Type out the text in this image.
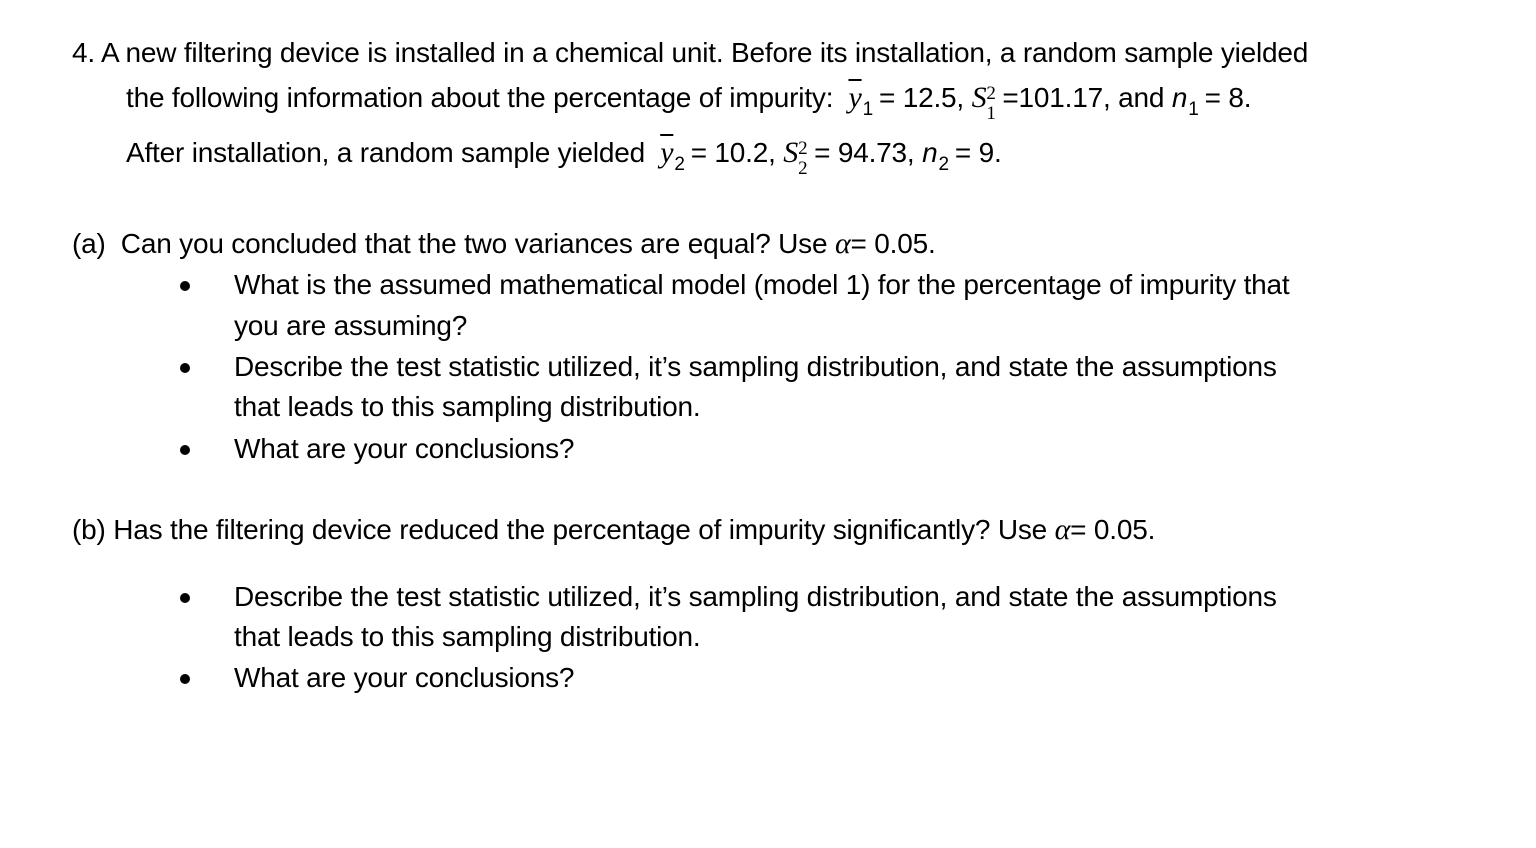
4. A new filtering device is installed in a chemical unit. Before its installation, a random sample yielded
the following information about the percentage of impurity: $\overline{y}_1 = 12.5$, S 2
1
=101.17, and $n_1 = 8$.
After installation, a random sample yielded $\overline{y}_2 = 10.2$, S 2
2
= 94.73, $n_2 = 9$.
(a) Can you concluded that the two variances are equal? Use α= 0.05.
What is the assumed mathematical model (model 1) for the percentage of impurity that
you are assuming?
Describe the test statistic utilized, it’s sampling distribution, and state the assumptions
that leads to this sampling distribution.
What are your conclusions?
(b) Has the filtering device reduced the percentage of impurity significantly? Use α= 0.05.
Describe the test statistic utilized, it’s sampling distribution, and state the assumptions
that leads to this sampling distribution.
What are your conclusions?
